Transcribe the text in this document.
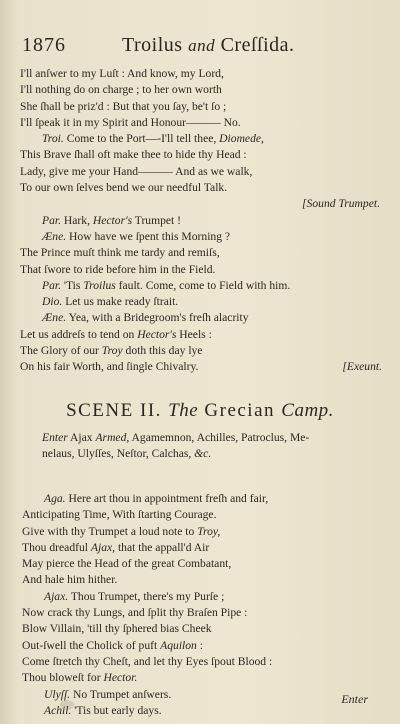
1876	Troilus and Creſſida.
I'll anſwer to my Luſt : And know, my Lord,
I'll nothing do on charge ; to her own worth
She ſhall be priz'd : But that you ſay, be't ſo ;
I'll ſpeak it in my Spirit and Honour——— No.
Troi. Come to the Port—-I'll tell thee, Diomede,
This Brave ſhall oft make thee to hide thy Head :
Lady, give me your Hand——— And as we walk,
To our own ſelves bend we our needful Talk.
[Sound Trumpet.
Par. Hark, Hector's Trumpet !
Æne. How have we ſpent this Morning ?
The Prince muſt think me tardy and remiſs,
That ſwore to ride before him in the Field.
Par. 'Tis Troilus fault. Come, come to Field with him.
Dio. Let us make ready ſtrait.
Æne. Yea, with a Bridegroom's freſh alacrity
Let us addreſs to tend on Hector's Heels :
The Glory of our Troy doth this day lye
On his fair Worth, and ſingle Chivalry.	[Exeunt.
SCENE II. The Grecian Camp.
Enter Ajax Armed, Agamemnon, Achilles, Patroclus, Me-
nelaus, Ulyſſes, Neſtor, Calchas, &c.
Aga. Here art thou in appointment freſh and fair,
Anticipating Time, With ſtarting Courage.
Give with thy Trumpet a loud note to Troy,
Thou dreadful Ajax, that the appall'd Air
May pierce the Head of the great Combatant,
And hale him hither.
Ajax. Thou Trumpet, there's my Purſe ;
Now crack thy Lungs, and ſplit thy Braſen Pipe :
Blow Villain, 'till thy ſphered bias Cheek
Out-ſwell the Cholick of puft Aquilon :
Come ſtretch thy Cheſt, and let thy Eyes ſpout Blood :
Thou bloweſt for Hector.
Ulyſſ. No Trumpet anſwers.
Achil. 'Tis but early days.
Enter
